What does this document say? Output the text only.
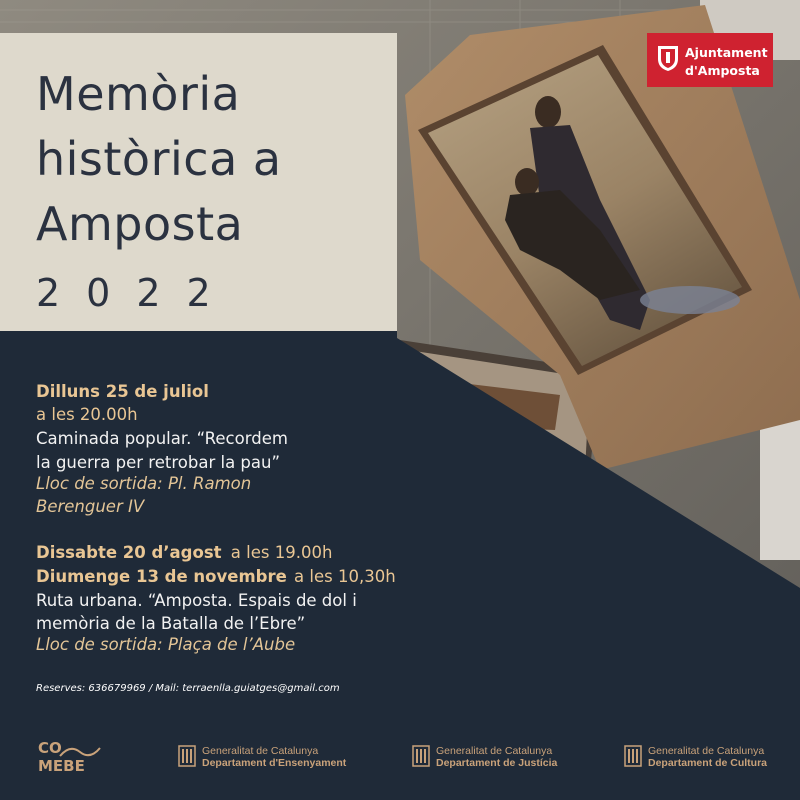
Memòria
històrica a
Amposta
2022
Ajuntament
d'Amposta
Dilluns 25 de juliol
a les 20.00h
Caminada popular. “Recordem
la guerra per retrobar la pau”
Lloc de sortida: Pl. Ramon
Berenguer IV
Dissabte 20 d’agost a les 19.00h
Diumenge 13 de novembre a les 10,30h
Ruta urbana. “Amposta. Espais de dol i
memòria de la Batalla de l’Ebre”
Lloc de sortida: Plaça de l’Aube
Reserves: 636679969 / Mail: terraenlla.guiatges@gmail.com
CO
MEBE
Generalitat de Catalunya
Departament d'Ensenyament
Generalitat de Catalunya
Departament de Justícia
Generalitat de Catalunya
Departament de Cultura
